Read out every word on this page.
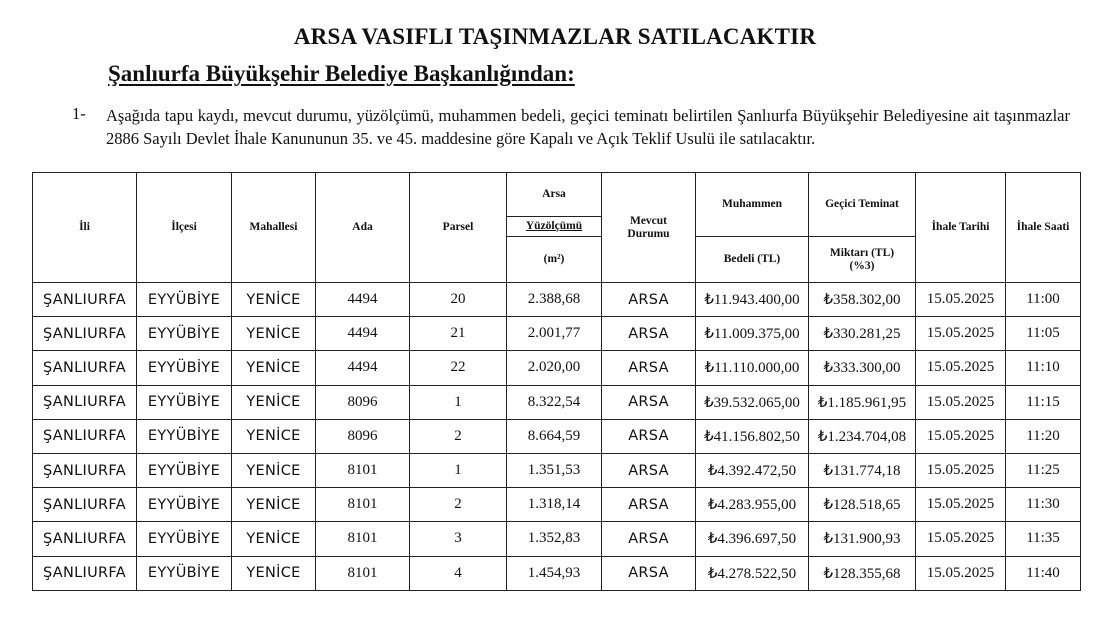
ARSA VASIFLI TAŞINMAZLAR SATILACAKTIR
Şanlıurfa Büyükşehir Belediye Başkanlığından:
1- Aşağıda tapu kaydı, mevcut durumu, yüzölçümü, muhammen bedeli, geçici teminatı belirtilen Şanlıurfa Büyükşehir Belediyesine ait taşınmazlar 2886 Sayılı Devlet İhale Kanununun 35. ve 45. maddesine göre Kapalı ve Açık Teklif Usulü ile satılacaktır.
İli	İlçesi	Mahallesi	Ada	Parsel	Arsa	Mevcut Durumu	Muhammen	Geçici Teminat	İhale Tarihi	İhale Saati
					Yüzölçümü					
					(m²)		Bedeli (TL)	Miktarı (TL) (%3)		
ŞANLIURFA	EYYÜBİYE	YENİCE	4494	20	2.388,68	ARSA	₺11.943.400,00	₺358.302,00	15.05.2025	11:00
ŞANLIURFA	EYYÜBİYE	YENİCE	4494	21	2.001,77	ARSA	₺11.009.375,00	₺330.281,25	15.05.2025	11:05
ŞANLIURFA	EYYÜBİYE	YENİCE	4494	22	2.020,00	ARSA	₺11.110.000,00	₺333.300,00	15.05.2025	11:10
ŞANLIURFA	EYYÜBİYE	YENİCE	8096	1	8.322,54	ARSA	₺39.532.065,00	₺1.185.961,95	15.05.2025	11:15
ŞANLIURFA	EYYÜBİYE	YENİCE	8096	2	8.664,59	ARSA	₺41.156.802,50	₺1.234.704,08	15.05.2025	11:20
ŞANLIURFA	EYYÜBİYE	YENİCE	8101	1	1.351,53	ARSA	₺4.392.472,50	₺131.774,18	15.05.2025	11:25
ŞANLIURFA	EYYÜBİYE	YENİCE	8101	2	1.318,14	ARSA	₺4.283.955,00	₺128.518,65	15.05.2025	11:30
ŞANLIURFA	EYYÜBİYE	YENİCE	8101	3	1.352,83	ARSA	₺4.396.697,50	₺131.900,93	15.05.2025	11:35
ŞANLIURFA	EYYÜBİYE	YENİCE	8101	4	1.454,93	ARSA	₺4.278.522,50	₺128.355,68	15.05.2025	11:40
